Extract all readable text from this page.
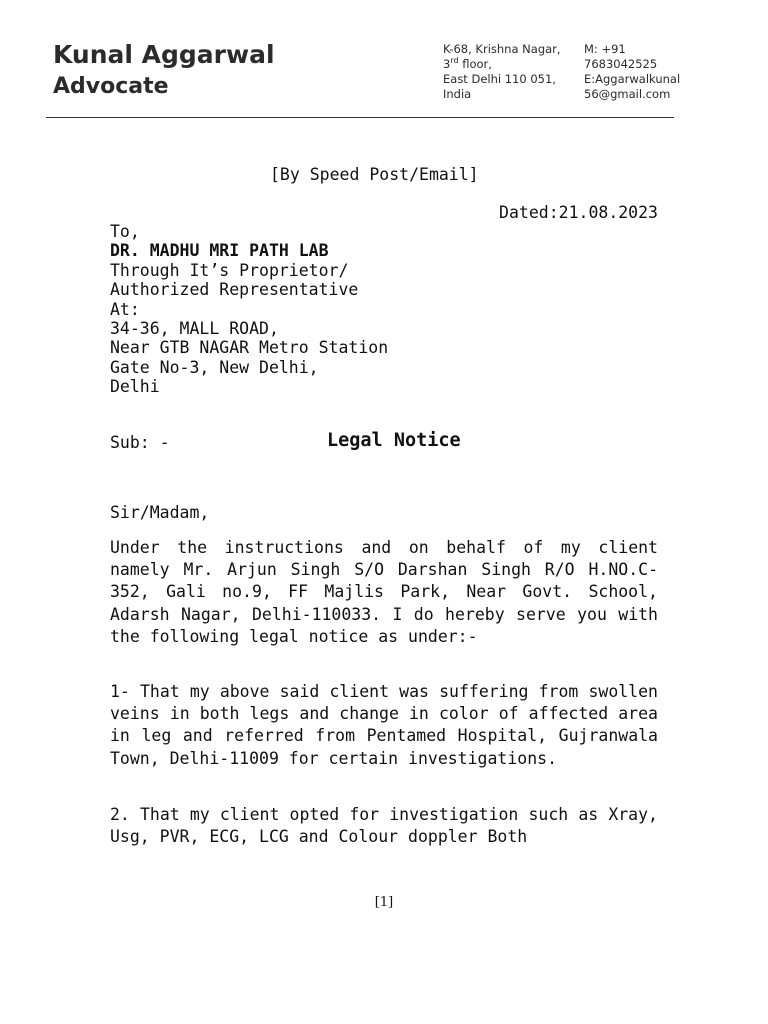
Kunal Aggarwal
Advocate
K-68, Krishna Nagar,
3rd floor,
East Delhi 110 051,
India
M: +91
7683042525
E:Aggarwalkunal
56@gmail.com
[By Speed Post/Email]
Dated:21.08.2023
To,
DR. MADHU MRI PATH LAB
Through It’s Proprietor/
Authorized Representative
At:
34-36, MALL ROAD,
Near GTB NAGAR Metro Station
Gate No-3, New Delhi,
Delhi
Sub: -	Legal Notice
Sir/Madam,
Under the instructions and on behalf of my client namely Mr. Arjun Singh S/O Darshan Singh R/O H.NO.C-352, Gali no.9, FF Majlis Park, Near Govt. School, Adarsh Nagar, Delhi-110033. I do hereby serve you with the following legal notice as under:-
1- That my above said client was suffering from swollen veins in both legs and change in color of affected area in leg and referred from Pentamed Hospital, Gujranwala Town, Delhi-11009 for certain investigations.
2. That my client opted for investigation such as Xray, Usg, PVR, ECG, LCG and Colour doppler Both
[1]
